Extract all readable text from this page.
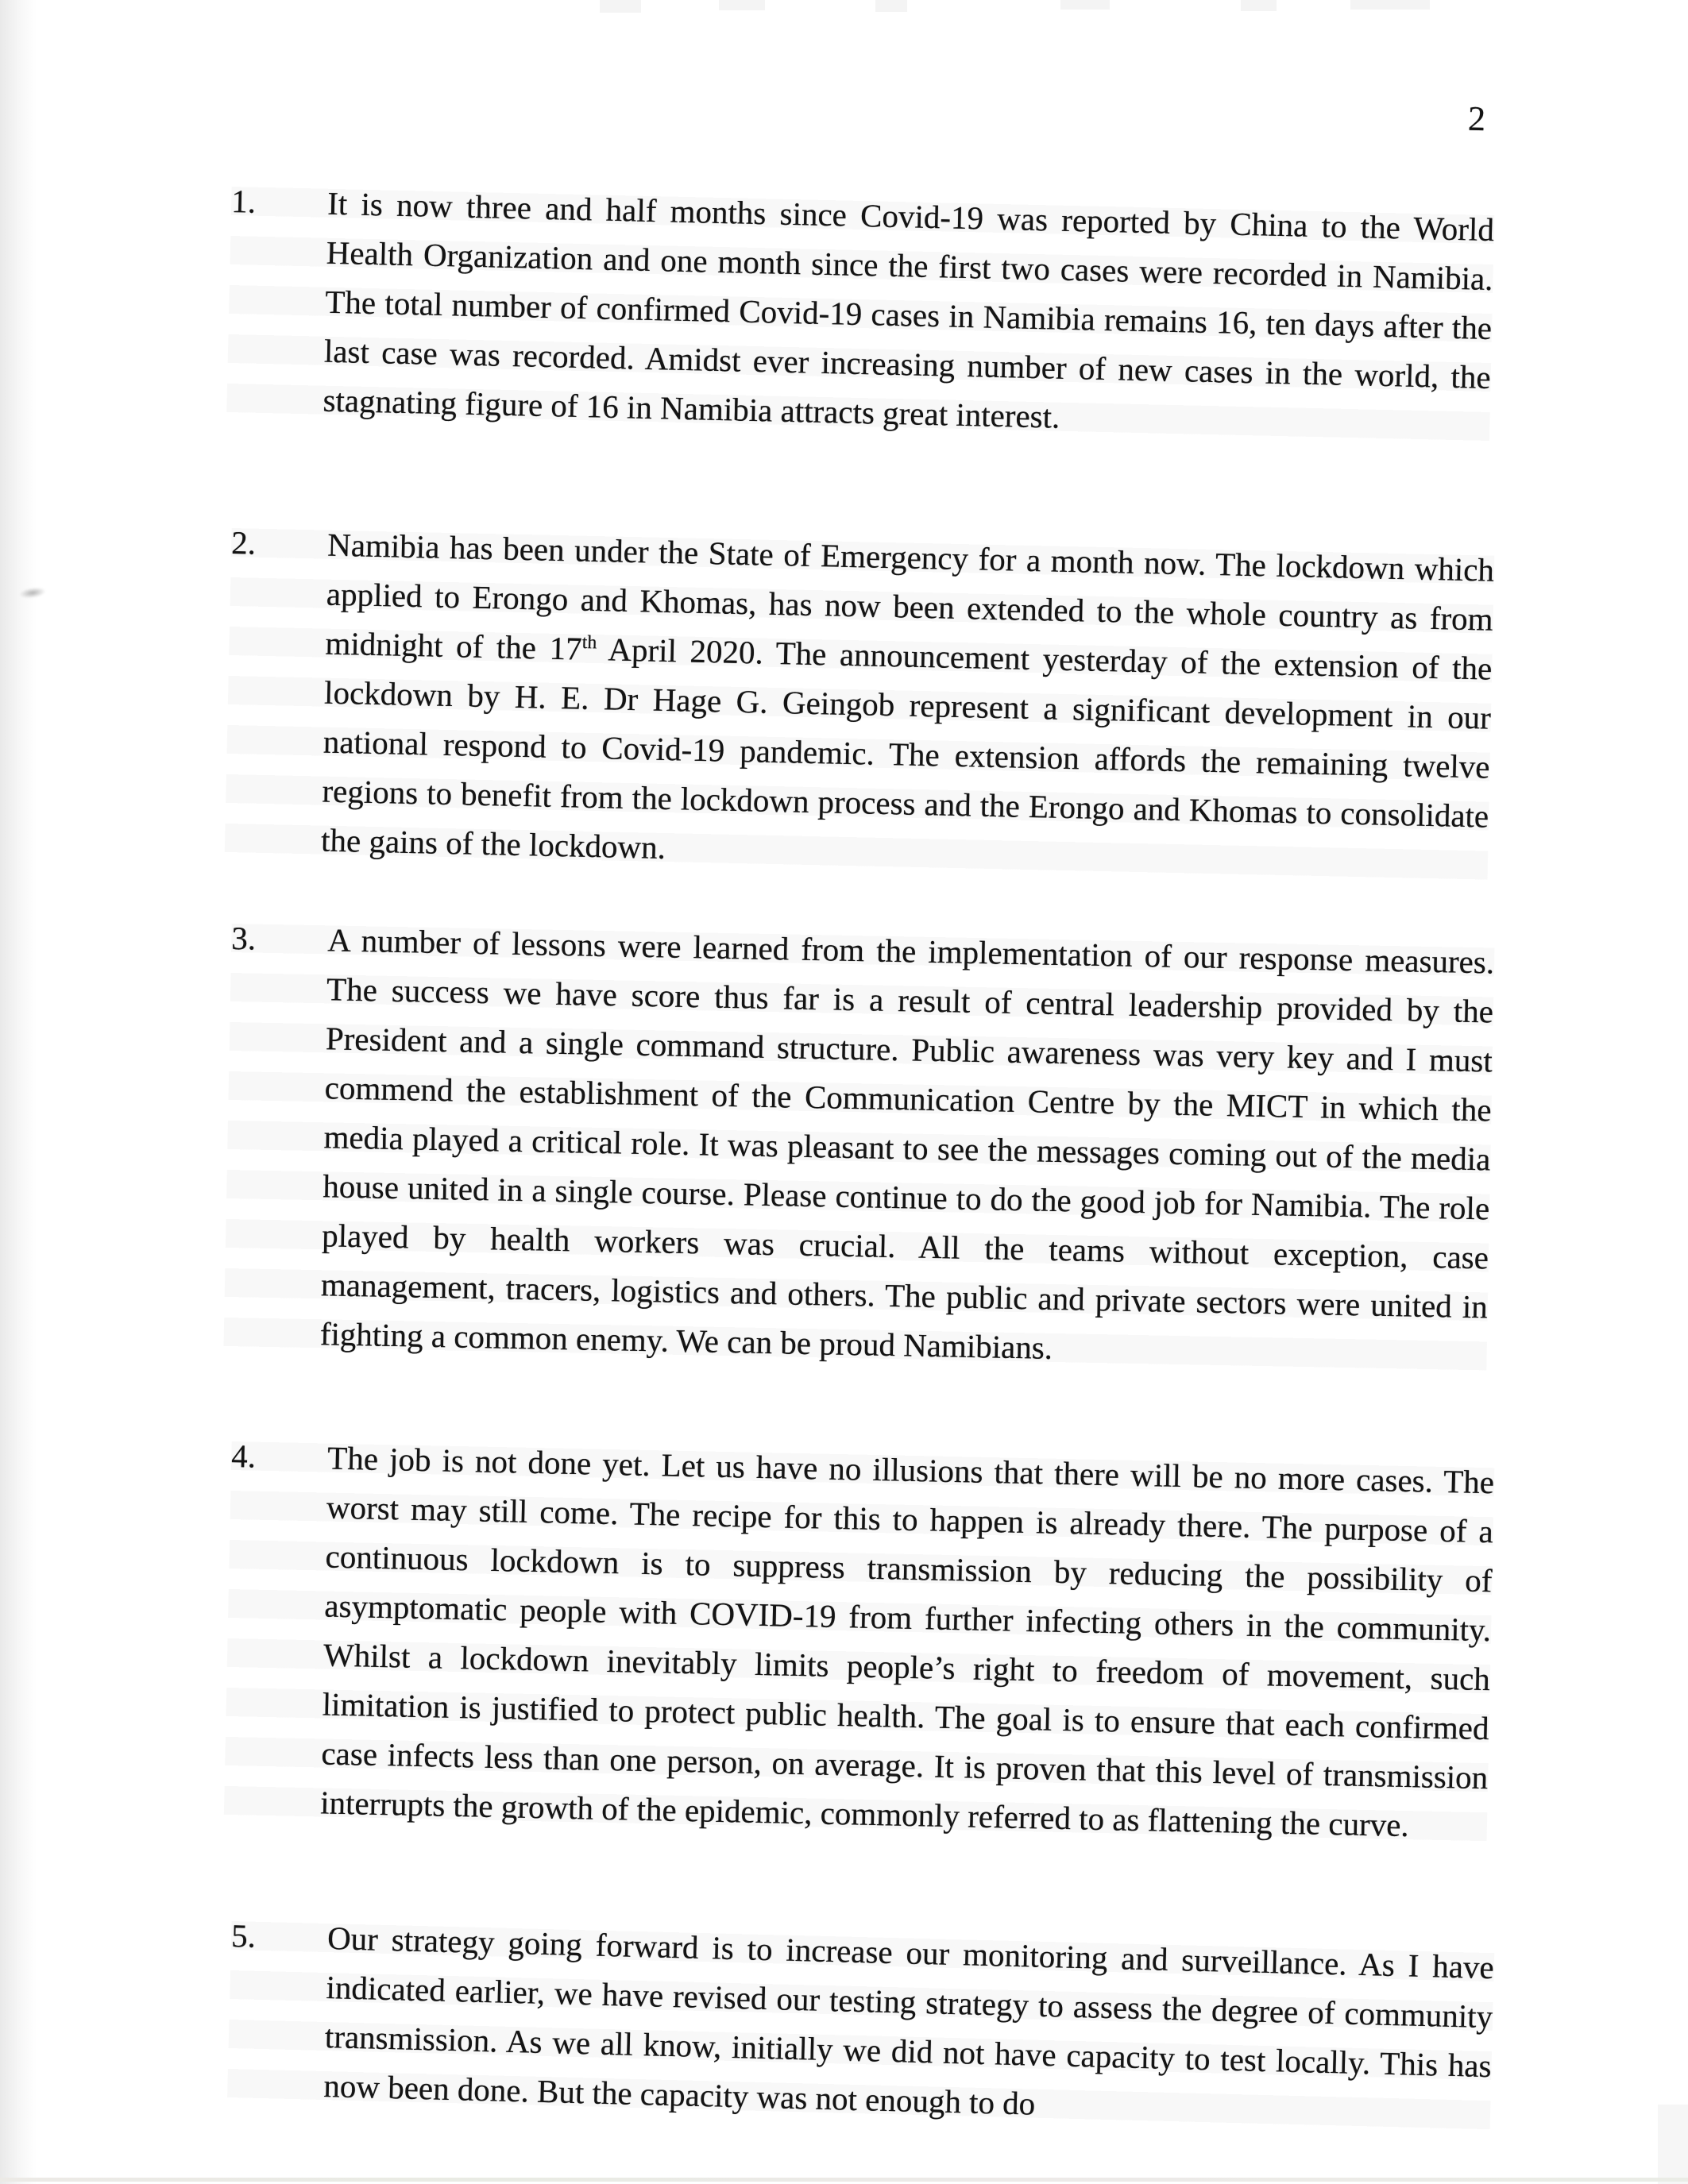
2
1.	It is now three and half months since Covid-19 was reported by China to the World Health Organization and one month since the first two cases were recorded in Namibia. The total number of confirmed Covid-19 cases in Namibia remains 16, ten days after the last case was recorded. Amidst ever increasing number of new cases in the world, the stagnating figure of 16 in Namibia attracts great interest.
2.	Namibia has been under the State of Emergency for a month now. The lockdown which applied to Erongo and Khomas, has now been extended to the whole country as from midnight of the 17th April 2020. The announcement yesterday of the extension of the lockdown by H. E. Dr Hage G. Geingob represent a significant development in our national respond to Covid-19 pandemic. The extension affords the remaining twelve regions to benefit from the lockdown process and the Erongo and Khomas to consolidate the gains of the lockdown.
3.	A number of lessons were learned from the implementation of our response measures. The success we have score thus far is a result of central leadership provided by the President and a single command structure. Public awareness was very key and I must commend the establishment of the Communication Centre by the MICT in which the media played a critical role. It was pleasant to see the messages coming out of the media house united in a single course. Please continue to do the good job for Namibia. The role played by health workers was crucial. All the teams without exception, case management, tracers, logistics and others. The public and private sectors were united in fighting a common enemy. We can be proud Namibians.
4.	The job is not done yet. Let us have no illusions that there will be no more cases. The worst may still come. The recipe for this to happen is already there. The purpose of a continuous lockdown is to suppress transmission by reducing the possibility of asymptomatic people with COVID-19 from further infecting others in the community. Whilst a lockdown inevitably limits people’s right to freedom of movement, such limitation is justified to protect public health. The goal is to ensure that each confirmed case infects less than one person, on average. It is proven that this level of transmission interrupts the growth of the epidemic, commonly referred to as flattening the curve.
5.	Our strategy going forward is to increase our monitoring and surveillance. As I have indicated earlier, we have revised our testing strategy to assess the degree of community transmission. As we all know, initially we did not have capacity to test locally. This has now been done. But the capacity was not enough to do
